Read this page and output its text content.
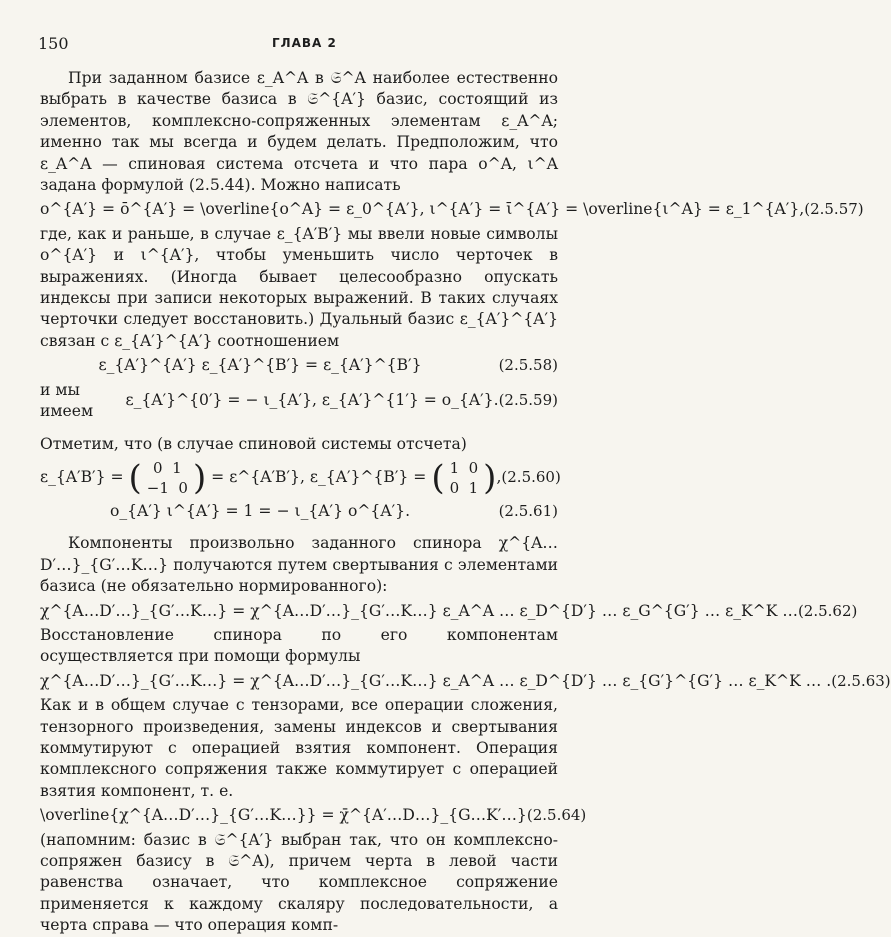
150	ГЛАВА 2

При заданном базисе ε_A^A в 𝔖^A наиболее естественно выбрать в качестве базиса в 𝔖^{A′} базис, состоящий из элементов, комплексно-сопряженных элементам ε_A^A; именно так мы всегда и будем делать. Предположим, что ε_A^A — спиновая система отсчета и что пара o^A, ι^A задана формулой (2.5.44). Можно написать

o^{A′} = ō^{A′} = \overline{o^A} = ε_0^{A′}, ι^{A′} = ῑ^{A′} = \overline{ι^A} = ε_1^{A′}, (2.5.57)

где, как и раньше, в случае ε_{A′B′} мы ввели новые символы o^{A′} и ι^{A′}, чтобы уменьшить число черточек в выражениях. (Иногда бывает целесообразно опускать индексы при записи некоторых выражений. В таких случаях черточки следует восстановить.) Дуальный базис ε_{A′}^{A′} связан с ε_{A′}^{A′} соотношением

ε_{A′}^{A′} ε_{A′}^{B′} = ε_{A′}^{B′}	(2.5.58)
и мы имеем
ε_{A′}^{0′} = − ι_{A′}, ε_{A′}^{1′} = o_{A′}. (2.5.59)

Отметим, что (в случае спиновой системы отсчета)

ε_{A′B′} = ( 0 1
−1 0 ) = ε^{A′B′}, ε_{A′}^{B′} = ( 1 0
0 1 ), (2.5.60)
o_{A′} ι^{A′} = 1 = − ι_{A′} o^{A′}.	(2.5.61)

Компоненты произвольно заданного спинора χ^{A…D′…}_{G′…K…} получаются путем свертывания с элементами базиса (не обязательно нормированного):

χ^{A…D′…}_{G′…K…} = χ^{A…D′…}_{G′…K…} ε_A^A … ε_D^{D′} … ε_G^{G′} … ε_K^K … (2.5.62)

Восстановление спинора по его компонентам осуществляется при помощи формулы

χ^{A…D′…}_{G′…K…} = χ^{A…D′…}_{G′…K…} ε_A^A … ε_D^{D′} … ε_{G′}^{G′} … ε_K^K … . (2.5.63)

Как и в общем случае с тензорами, все операции сложения, тензорного произведения, замены индексов и свертывания коммутируют с операцией взятия компонент. Операция комплексного сопряжения также коммутирует с операцией взятия компонент, т. е.

\overline{χ^{A…D′…}_{G′…K…}} = χ̄^{A′…D…}_{G…K′…} (2.5.64)

(напомним: базис в 𝔖^{A′} выбран так, что он комплексно-сопряжен базису в 𝔖^A), причем черта в левой части равенства означает, что комплексное сопряжение применяется к каждому скаляру последовательности, а черта справа — что операция комп-
